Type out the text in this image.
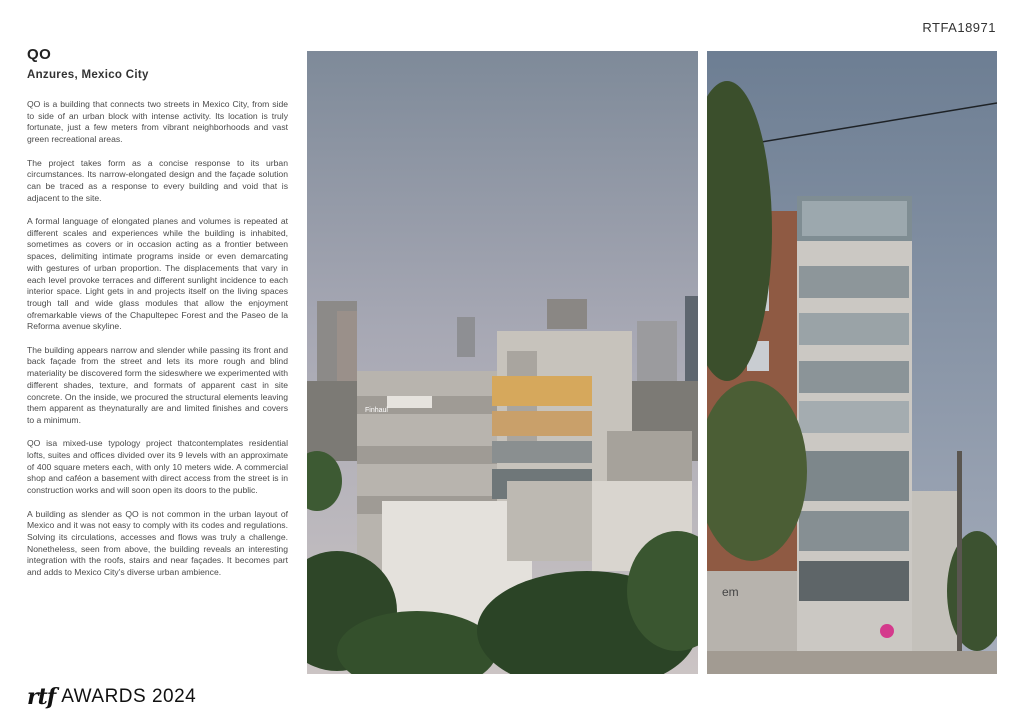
RTFA18971
QO
Anzures, Mexico City

QO is a building that connects two streets in Mexico City, from side to side of an urban block with intense activity. Its location is truly fortunate, just a few meters from vibrant neighborhoods and vast green recreational areas.

The project takes form as a concise response to its urban circumstances. Its narrow-elongated design and the façade solution can be traced as a response to every building and void that is adjacent to the site.

A formal language of elongated planes and volumes is repeated at different scales and experiences while the building is inhabited, sometimes as covers or in occasion acting as a frontier between spaces, delimiting intimate programs inside or even demarcating with gestures of urban proportion. The displacements that vary in each level provoke terraces and different sunlight incidence to each interior space. Light gets in and projects itself on the living spaces trough tall and wide glass modules that allow the enjoyment ofremarkable views of the Chapultepec Forest and the Paseo de la Reforma avenue skyline.

The building appears narrow and slender while passing its front and back façade from the street and lets its more rough and blind materiality be discovered form the sideswhere we experimented with different shades, texture, and formats of apparent cast in site concrete. On the inside, we procured the structural elements leaving them apparent as theynaturally are and limited finishes and covers to a minimum.

QO isa mixed-use typology project thatcontemplates residential lofts, suites and offices divided over its 9 levels with an approximate of 400 square meters each, with only 10 meters wide. A commercial shop and caféon a basement with direct access from the street is in construction works and will soon open its doors to the public.

A building as slender as QO is not common in the urban layout of Mexico and it was not easy to comply with its codes and regulations. Solving its circulations, accesses and flows was truly a challenge. Nonetheless, seen from above, the building reveals an interesting integration with the roofs, stairs and near façades. It becomes part and adds to Mexico City's diverse urban ambience.

rtf AWARDS 2024
Finhaul
em
